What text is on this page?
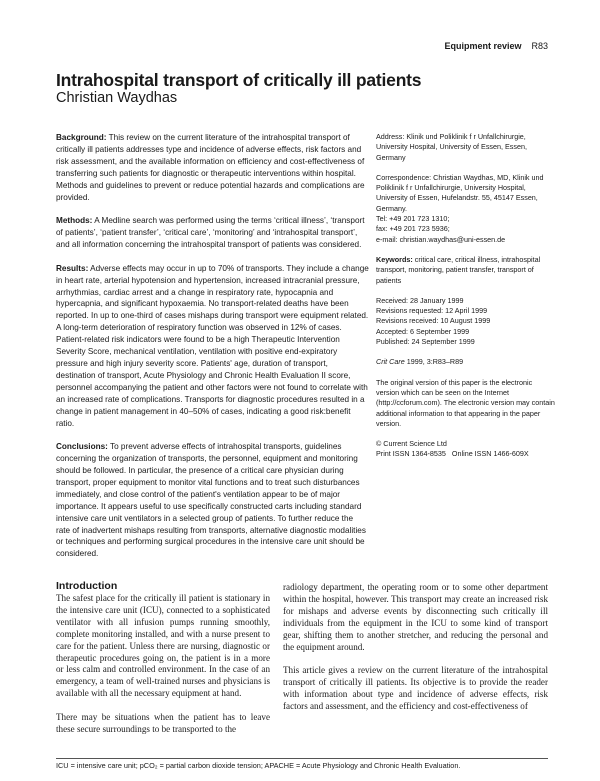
Equipment review R83
Intrahospital transport of critically ill patients
Christian Waydhas

Background: This review on the current literature of the intrahospital transport of critically ill patients addresses type and incidence of adverse effects, risk factors and risk assessment, and the available information on efficiency and cost-effectiveness of transferring such patients for diagnostic or therapeutic interventions within hospital. Methods and guidelines to prevent or reduce potential hazards and complications are provided.

Methods: A Medline search was performed using the terms ‘critical illness’, ‘transport of patients’, ‘patient transfer’, ‘critical care’, ‘monitoring’ and ‘intrahospital transport’, and all information concerning the intrahospital transport of patients was considered.

Results: Adverse effects may occur in up to 70% of transports. They include a change in heart rate, arterial hypotension and hypertension, increased intracranial pressure, arrhythmias, cardiac arrest and a change in respiratory rate, hypocapnia and hypercapnia, and significant hypoxaemia. No transport-related deaths have been reported. In up to one-third of cases mishaps during transport were equipment related. A long-term deterioration of respiratory function was observed in 12% of cases. Patient-related risk indicators were found to be a high Therapeutic Intervention Severity Score, mechanical ventilation, ventilation with positive end-expiratory pressure and high injury severity score. Patients' age, duration of transport, destination of transport, Acute Physiology and Chronic Health Evaluation II score, personnel accompanying the patient and other factors were not found to correlate with an increased rate of complications. Transports for diagnostic procedures resulted in a change in patient management in 40–50% of cases, indicating a good risk:benefit ratio.

Conclusions: To prevent adverse effects of intrahospital transports, guidelines concerning the organization of transports, the personnel, equipment and monitoring should be followed. In particular, the presence of a critical care physician during transport, proper equipment to monitor vital functions and to treat such disturbances immediately, and close control of the patient's ventilation appear to be of major importance. It appears useful to use specifically constructed carts including standard intensive care unit ventilators in a selected group of patients. To further reduce the rate of inadvertent mishaps resulting from transports, alternative diagnostic modalities or techniques and performing surgical procedures in the intensive care unit should be considered.

Address: Klinik und Poliklinik f r Unfallchirurgie, University Hospital, University of Essen, Essen, Germany

Correspondence: Christian Waydhas, MD, Klinik und Poliklinik f r Unfallchirurgie, University Hospital, University of Essen, Hufelandstr. 55, 45147 Essen, Germany.
Tel: +49 201 723 1310;
fax: +49 201 723 5936;
e-mail: christian.waydhas@uni-essen.de

Keywords: critical care, critical illness, intrahospital transport, monitoring, patient transfer, transport of patients

Received: 28 January 1999
Revisions requested: 12 April 1999
Revisions received: 10 August 1999
Accepted: 6 September 1999
Published: 24 September 1999

Crit Care 1999, 3:R83–R89

The original version of this paper is the electronic version which can be seen on the Internet (http://ccforum.com). The electronic version may contain additional information to that appearing in the paper version.

© Current Science Ltd
Print ISSN 1364-8535   Online ISSN 1466-609X

Introduction

The safest place for the critically ill patient is stationary in the intensive care unit (ICU), connected to a sophisticated ventilator with all infusion pumps running smoothly, complete monitoring installed, and with a nurse present to care for the patient. Unless there are nursing, diagnostic or therapeutic procedures going on, the patient is in a more or less calm and controlled environment. In the case of an emergency, a team of well-trained nurses and physicians is available with all the necessary equipment at hand.

There may be situations when the patient has to leave these secure surroundings to be transported to the

radiology department, the operating room or to some other department within the hospital, however. This transport may create an increased risk for mishaps and adverse events by disconnecting such critically ill individuals from the equipment in the ICU to some kind of transport gear, shifting them to another stretcher, and reducing the personal and the equipment around.

This article gives a review on the current literature of the intrahospital transport of critically ill patients. Its objective is to provide the reader with information about type and incidence of adverse effects, risk factors and assessment, and the efficiency and cost-effectiveness of

ICU = intensive care unit; pCO₂ = partial carbon dioxide tension; APACHE = Acute Physiology and Chronic Health Evaluation.
